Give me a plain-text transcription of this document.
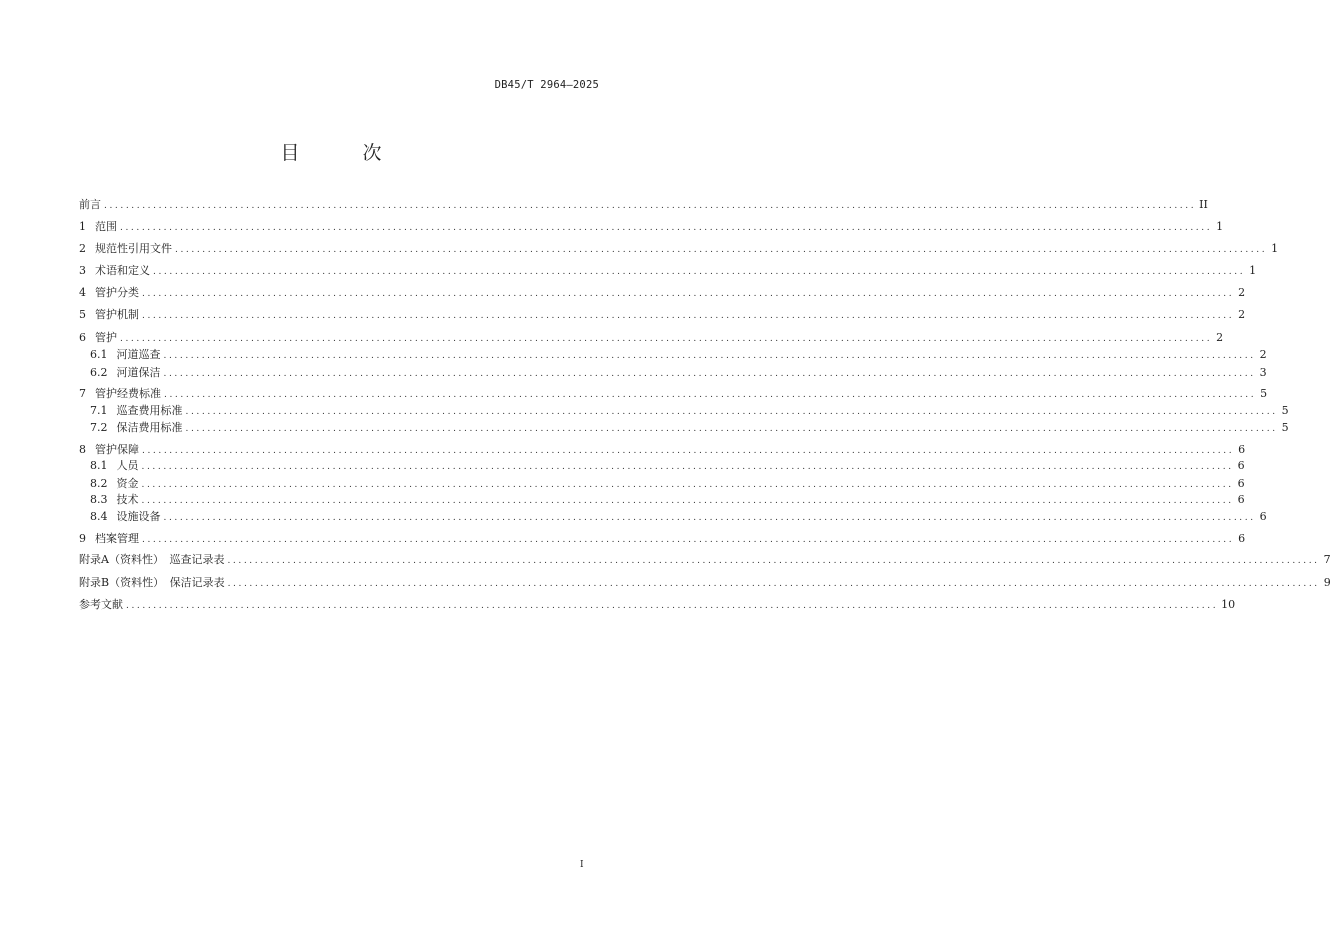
DB45/T 2964—2025
目　次
前言 ........................................................................................................................................................................................................ II
1 范围 ........................................................................................................................................................................................................ 1
2 规范性引用文件 ........................................................................................................................................................................................................ 1
3 术语和定义 ........................................................................................................................................................................................................ 1
4 管护分类 ........................................................................................................................................................................................................ 2
5 管护机制 ........................................................................................................................................................................................................ 2
6 管护 ........................................................................................................................................................................................................ 2
6.1 河道巡查 ........................................................................................................................................................................................................ 2
6.2 河道保洁 ........................................................................................................................................................................................................ 3
7 管护经费标准 ........................................................................................................................................................................................................ 5
7.1 巡查费用标准 ........................................................................................................................................................................................................ 5
7.2 保洁费用标准 ........................................................................................................................................................................................................ 5
8 管护保障 ........................................................................................................................................................................................................ 6
8.1 人员 ........................................................................................................................................................................................................ 6
8.2 资金 ........................................................................................................................................................................................................ 6
8.3 技术 ........................................................................................................................................................................................................ 6
8.4 设施设备 ........................................................................................................................................................................................................ 6
9 档案管理 ........................................................................................................................................................................................................ 6
附录A（资料性）　巡查记录表 ........................................................................................................................................................................................................ 7
附录B（资料性）　保洁记录表 ........................................................................................................................................................................................................ 9
参考文献 ........................................................................................................................................................................................................ 10
I
